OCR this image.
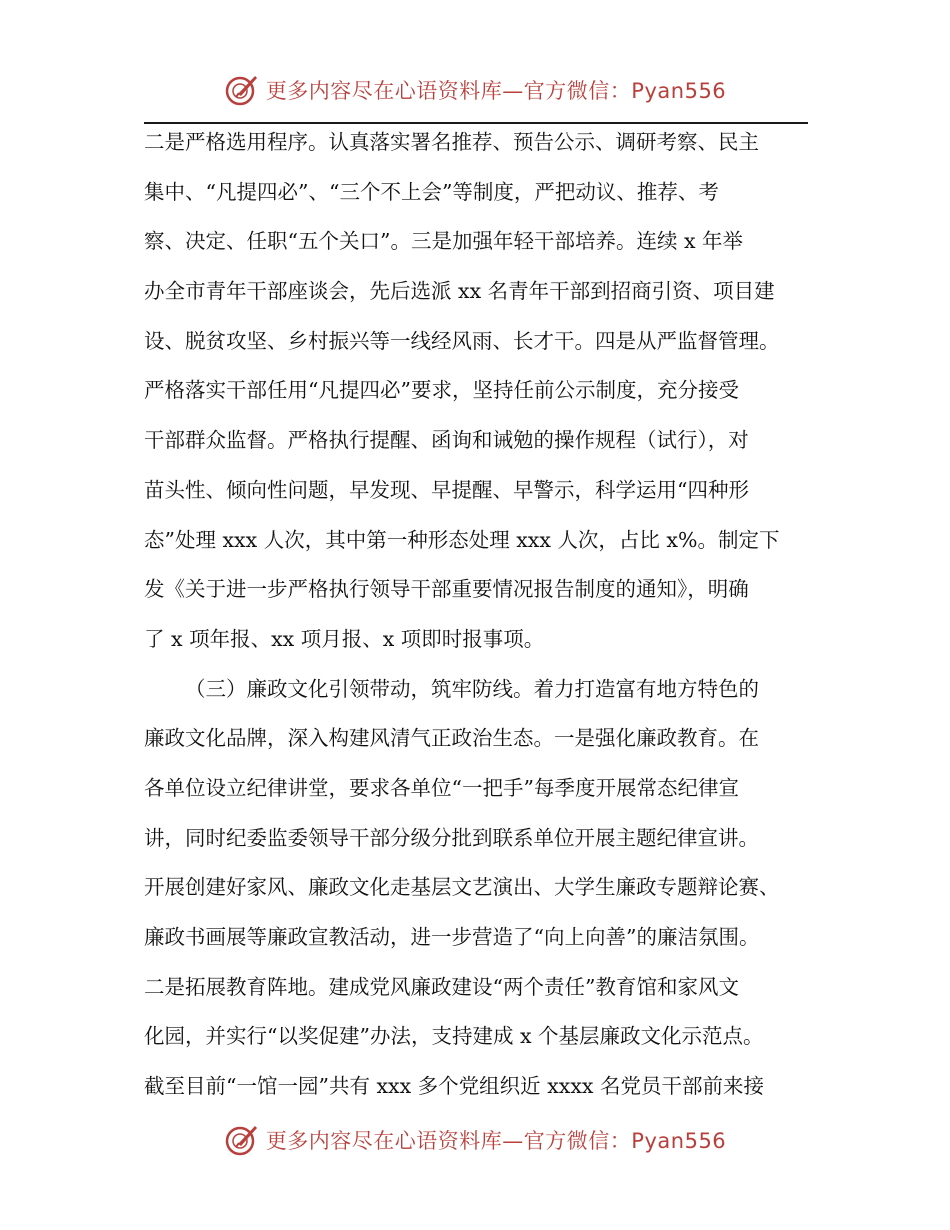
更多内容尽在心语资料库—官方微信：Pyan556
二是严格选用程序。认真落实署名推荐、预告公示、调研考察、民主
集中、“凡提四必”、“三个不上会”等制度，严把动议、推荐、考
察、决定、任职“五个关口”。三是加强年轻干部培养。连续 x 年举
办全市青年干部座谈会，先后选派 xx 名青年干部到招商引资、项目建
设、脱贫攻坚、乡村振兴等一线经风雨、长才干。四是从严监督管理。
严格落实干部任用“凡提四必”要求，坚持任前公示制度，充分接受
干部群众监督。严格执行提醒、函询和诫勉的操作规程（试行），对
苗头性、倾向性问题，早发现、早提醒、早警示，科学运用“四种形
态”处理 xxx 人次，其中第一种形态处理 xxx 人次，占比 x%。制定下
发《关于进一步严格执行领导干部重要情况报告制度的通知》，明确
了 x 项年报、xx 项月报、x 项即时报事项。
（三）廉政文化引领带动，筑牢防线。着力打造富有地方特色的
廉政文化品牌，深入构建风清气正政治生态。一是强化廉政教育。在
各单位设立纪律讲堂，要求各单位“一把手”每季度开展常态纪律宣
讲，同时纪委监委领导干部分级分批到联系单位开展主题纪律宣讲。
开展创建好家风、廉政文化走基层文艺演出、大学生廉政专题辩论赛、
廉政书画展等廉政宣教活动，进一步营造了“向上向善”的廉洁氛围。
二是拓展教育阵地。建成党风廉政建设“两个责任”教育馆和家风文
化园，并实行“以奖促建”办法，支持建成 x 个基层廉政文化示范点。
截至目前“一馆一园”共有 xxx 多个党组织近 xxxx 名党员干部前来接
更多内容尽在心语资料库—官方微信：Pyan556
